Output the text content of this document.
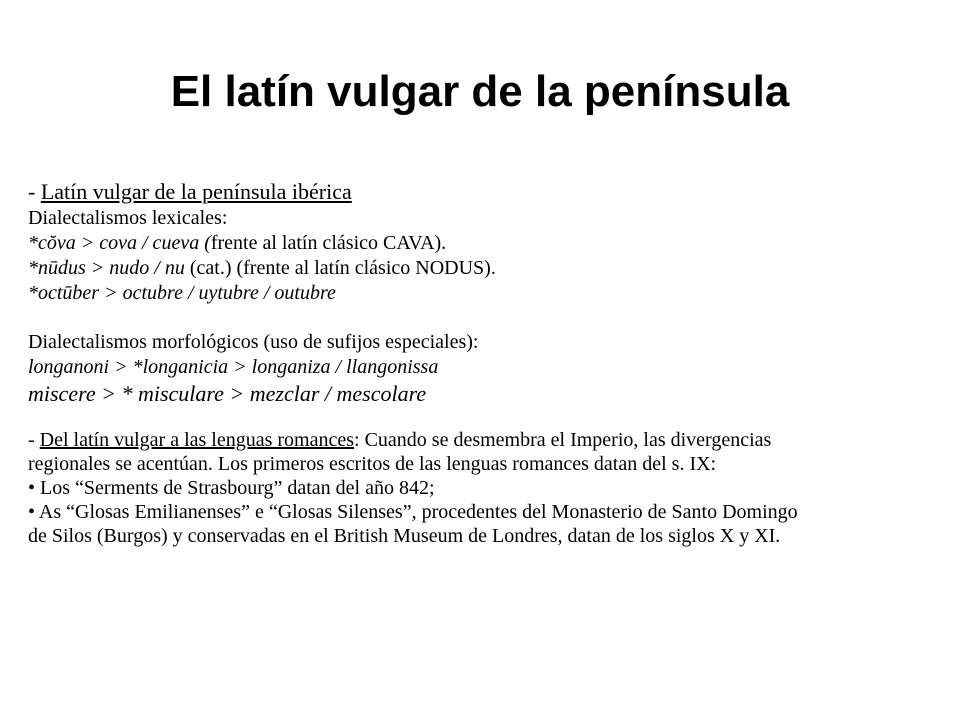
El latín vulgar de la península
- Latín vulgar de la península ibérica
Dialectalismos lexicales:
*cŏva > cova / cueva (frente al latín clásico CAVA).
*nūdus > nudo / nu (cat.) (frente al latín clásico NODUS).
*octūber > octubre / uytubre / outubre
Dialectalismos morfológicos (uso de sufijos especiales):
longanoni > *longanicia > longaniza / llangonissa
miscere > * misculare > mezclar / mescolare
- Del latín vulgar a las lenguas romances: Cuando se desmembra el Imperio, las divergencias
regionales se acentúan. Los primeros escritos de las lenguas romances datan del s. IX:
• Los “Serments de Strasbourg” datan del año 842;
• As “Glosas Emilianenses” e “Glosas Silenses”, procedentes del Monasterio de Santo Domingo
de Silos (Burgos) y conservadas en el British Museum de Londres, datan de los siglos X y XI.
